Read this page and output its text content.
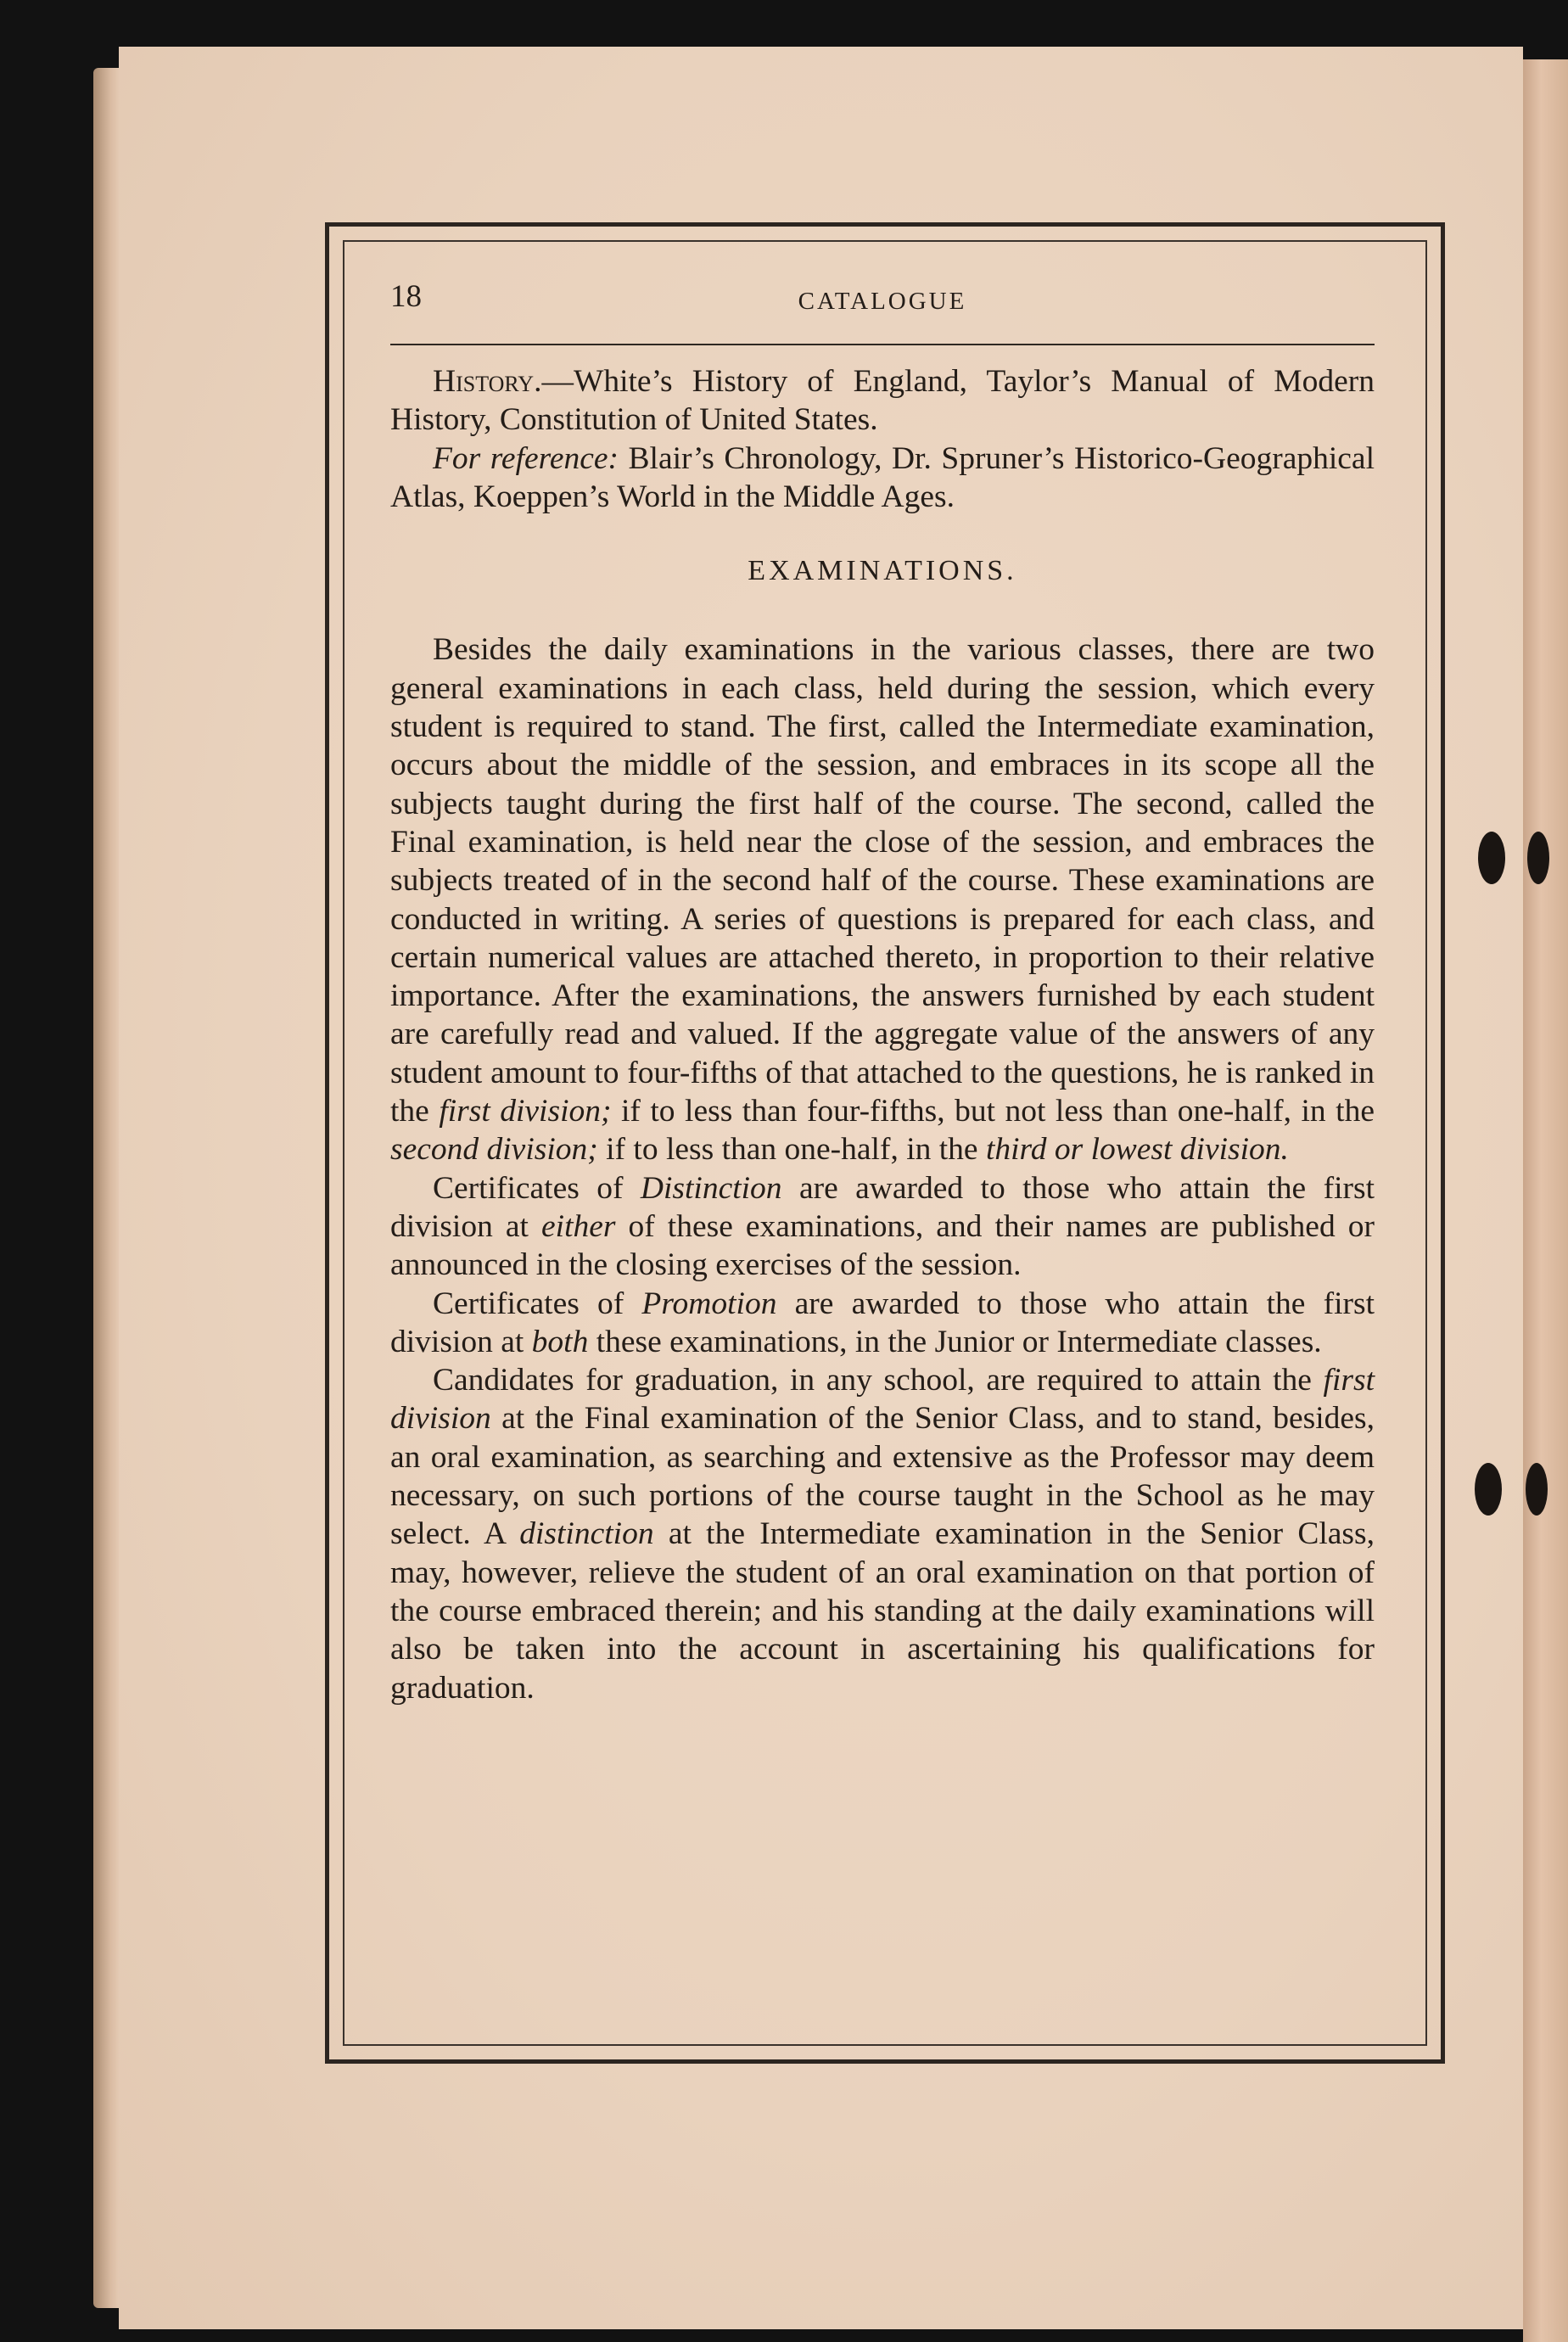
18	CATALOGUE

History.—White’s History of England, Taylor’s Manual of Modern History, Constitution of United States.

For reference: Blair’s Chronology, Dr. Spruner’s Historico-Geographical Atlas, Koeppen’s World in the Middle Ages.

EXAMINATIONS.

Besides the daily examinations in the various classes, there are two general examinations in each class, held during the session, which every student is required to stand. The first, called the Intermediate examination, occurs about the middle of the session, and embraces in its scope all the subjects taught during the first half of the course. The second, called the Final examination, is held near the close of the session, and embraces the subjects treated of in the second half of the course. These examinations are conducted in writing. A series of questions is prepared for each class, and certain numerical values are attached thereto, in proportion to their relative importance. After the examinations, the answers furnished by each student are carefully read and valued. If the aggregate value of the answers of any student amount to four-fifths of that attached to the questions, he is ranked in the first division; if to less than four-fifths, but not less than one-half, in the second division; if to less than one-half, in the third or lowest division.

Certificates of Distinction are awarded to those who attain the first division at either of these examinations, and their names are published or announced in the closing exercises of the session.

Certificates of Promotion are awarded to those who attain the first division at both these examinations, in the Junior or Intermediate classes.

Candidates for graduation, in any school, are required to attain the first division at the Final examination of the Senior Class, and to stand, besides, an oral examination, as searching and extensive as the Professor may deem necessary, on such portions of the course taught in the School as he may select. A distinction at the Intermediate examination in the Senior Class, may, however, relieve the student of an oral examination on that portion of the course embraced therein; and his standing at the daily examinations will also be taken into the account in ascertaining his qualifications for graduation.
